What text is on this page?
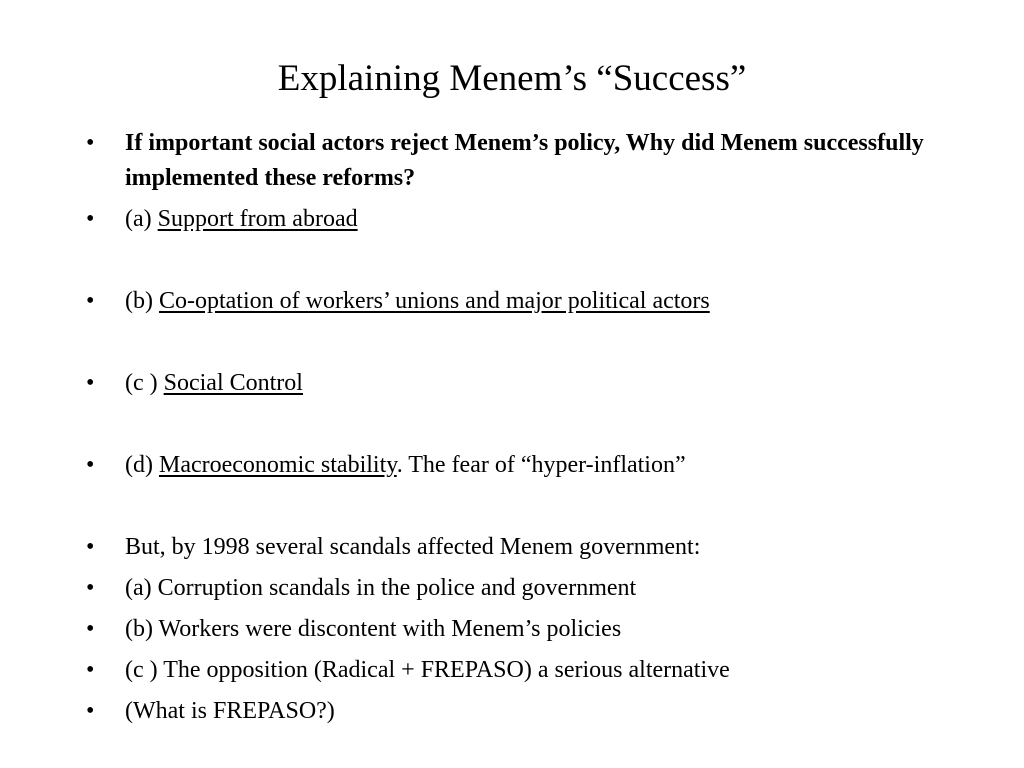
Explaining Menem’s “Success”
• If important social actors reject Menem’s policy, Why did Menem successfully implemented these reforms?
• (a) Support from abroad
• (b) Co-optation of workers’ unions and major political actors
• (c ) Social Control
• (d) Macroeconomic stability. The fear of “hyper-inflation”
• But, by 1998 several scandals affected Menem government:
• (a) Corruption scandals in the police and government
• (b) Workers were discontent with Menem’s policies
• (c ) The opposition (Radical + FREPASO) a serious alternative
• (What is FREPASO?)
